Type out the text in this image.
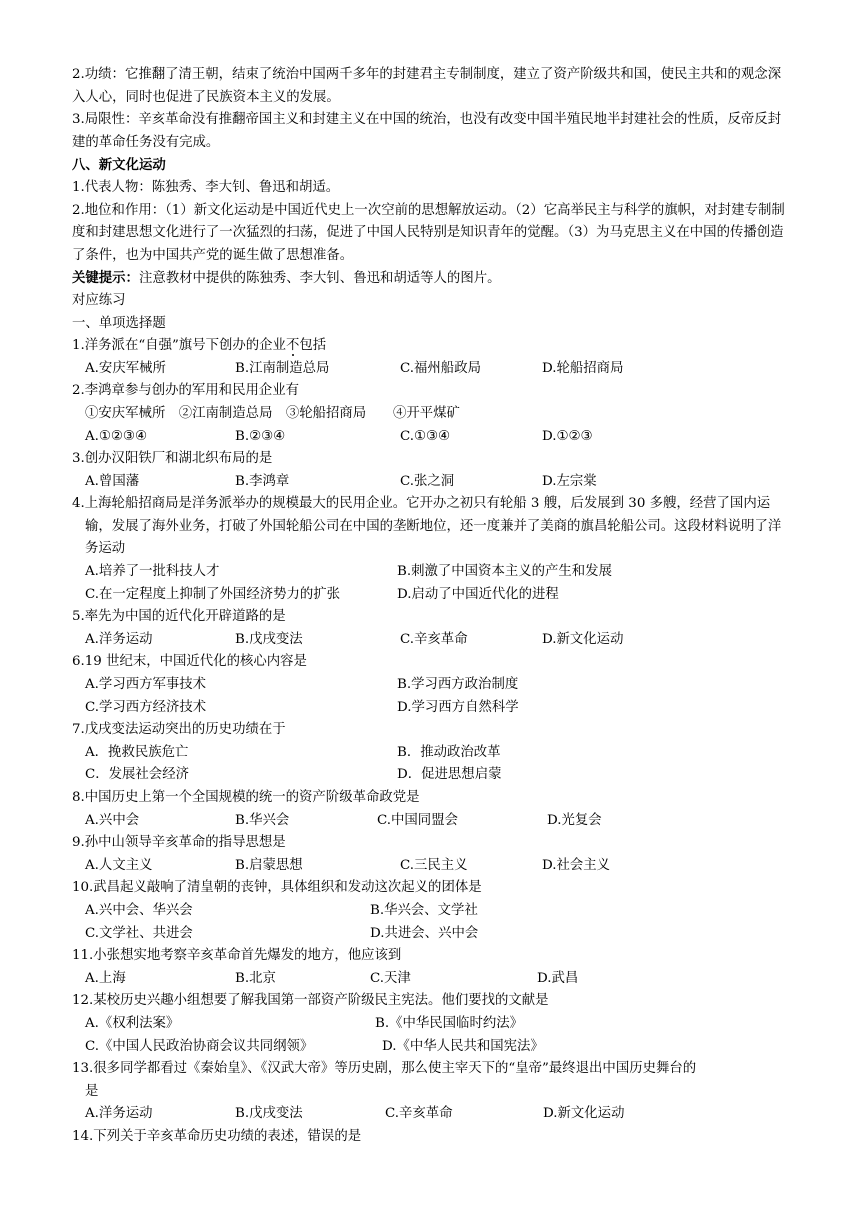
2.功绩：它推翻了清王朝，结束了统治中国两千多年的封建君主专制制度，建立了资产阶级共和国，使民主共和的观念深入人心，同时也促进了民族资本主义的发展。
3.局限性：辛亥革命没有推翻帝国主义和封建主义在中国的统治，也没有改变中国半殖民地半封建社会的性质，反帝反封建的革命任务没有完成。
八、新文化运动
1.代表人物：陈独秀、李大钊、鲁迅和胡适。
2.地位和作用：（1）新文化运动是中国近代史上一次空前的思想解放运动。（2）它高举民主与科学的旗帜，对封建专制制度和封建思想文化进行了一次猛烈的扫荡，促进了中国人民特别是知识青年的觉醒。（3）为马克思主义在中国的传播创造了条件，也为中国共产党的诞生做了思想准备。
关键提示：注意教材中提供的陈独秀、李大钊、鲁迅和胡适等人的图片。
对应练习
一、单项选择题
1.洋务派在“自强”旗号下创办的企业不包括
A.安庆军械所	B.江南制造总局	C.福州船政局	D.轮船招商局
2.李鸿章参与创办的军用和民用企业有
①安庆军械所　②江南制造总局　③轮船招商局　　④开平煤矿
A.①②③④	B.②③④	C.①③④	D.①②③
3.创办汉阳铁厂和湖北织布局的是
A.曾国藩	B.李鸿章	C.张之洞	D.左宗棠
4.上海轮船招商局是洋务派举办的规模最大的民用企业。它开办之初只有轮船 3 艘，后发展到 30 多艘，经营了国内运输，发展了海外业务，打破了外国轮船公司在中国的垄断地位，还一度兼并了美商的旗昌轮船公司。这段材料说明了洋务运动
A.培养了一批科技人才	B.刺激了中国资本主义的产生和发展
C.在一定程度上抑制了外国经济势力的扩张	D.启动了中国近代化的进程
5.率先为中国的近代化开辟道路的是
A.洋务运动	B.戊戌变法	C.辛亥革命	D.新文化运动
6.19 世纪末，中国近代化的核心内容是
A.学习西方军事技术	B.学习西方政治制度
C.学习西方经济技术	D.学习西方自然科学
7.戊戌变法运动突出的历史功绩在于
A．挽救民族危亡	B．推动政治改革
C．发展社会经济	D．促进思想启蒙
8.中国历史上第一个全国规模的统一的资产阶级革命政党是
A.兴中会	B.华兴会	C.中国同盟会	D.光复会
9.孙中山领导辛亥革命的指导思想是
A.人文主义	B.启蒙思想	C.三民主义	D.社会主义
10.武昌起义敲响了清皇朝的丧钟，具体组织和发动这次起义的团体是
A.兴中会、华兴会	B.华兴会、文学社
C.文学社、共进会	D.共进会、兴中会
11.小张想实地考察辛亥革命首先爆发的地方，他应该到
A.上海	B.北京	C.天津	D.武昌
12.某校历史兴趣小组想要了解我国第一部资产阶级民主宪法。他们要找的文献是
A.《权利法案》	B.《中华民国临时约法》
C.《中国人民政治协商会议共同纲领》	D.《中华人民共和国宪法》
13.很多同学都看过《秦始皇》、《汉武大帝》等历史剧，那么使主宰天下的“皇帝”最终退出中国历史舞台的
是
A.洋务运动	B.戊戌变法	C.辛亥革命	D.新文化运动
14.下列关于辛亥革命历史功绩的表述，错误的是
